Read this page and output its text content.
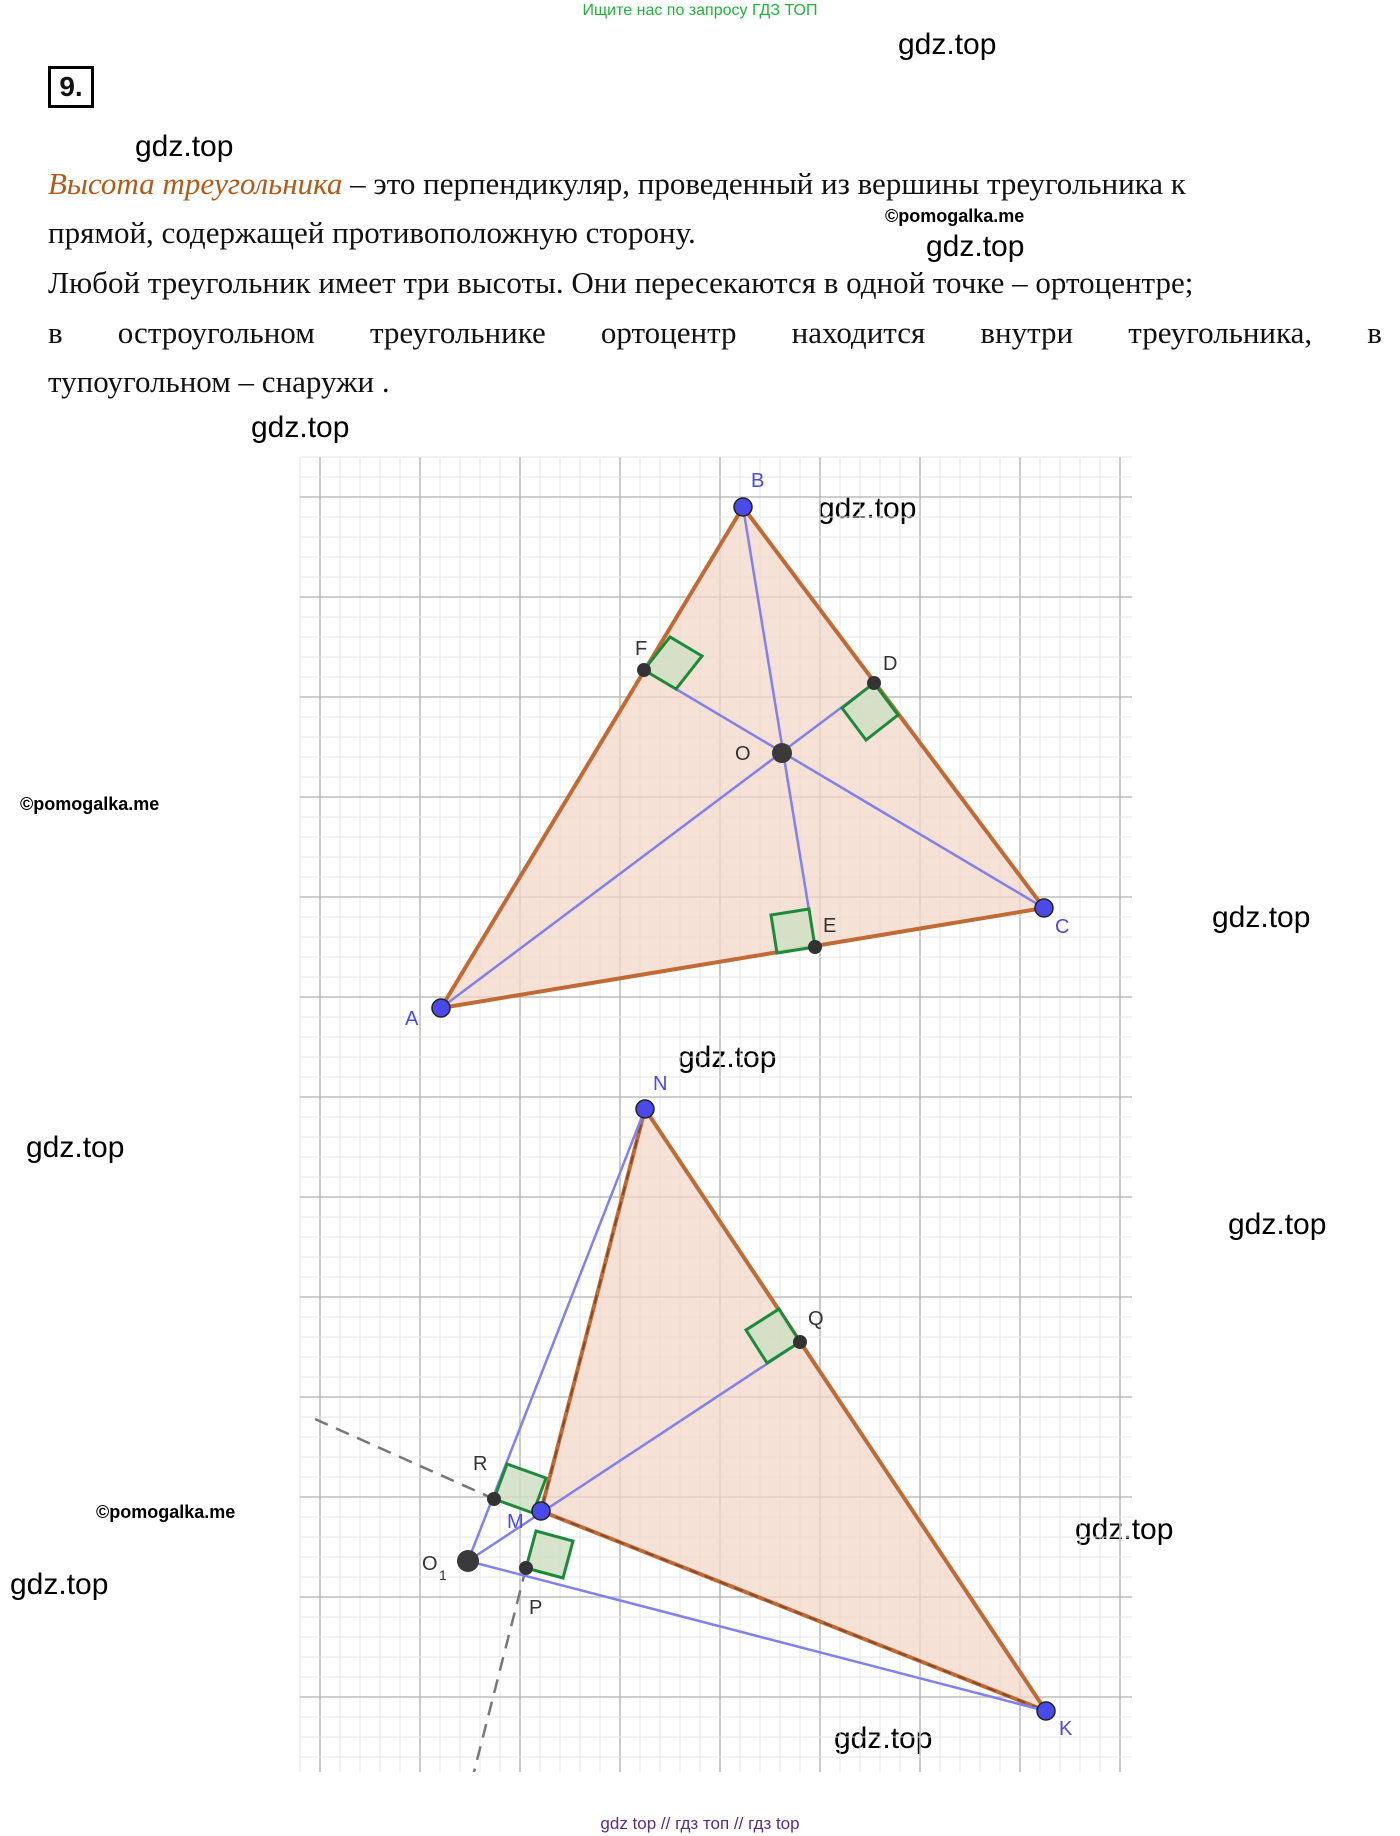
Ищите нас по запросу ГДЗ ТОП
9.
gdz.top
gdz.top
gdz.top
gdz.top
gdz.top
gdz.top
gdz.top
gdz.top
gdz.top
gdz.top
gdz.top
gdz.top
©pomogalka.me
©pomogalka.me
©pomogalka.me
Высота треугольника – это перпендикуляр, проведенный из вершины треугольника к
прямой, содержащей противоположную сторону.
Любой треугольник имеет три высоты. Они пересекаются в одной точке – ортоцентре;
в остроугольном треугольнике ортоцентр находится внутри треугольника, в
тупоугольном – снаружи .
A
B
C
D
E
F
O
N
M
K
Q
R
P
O 1
gdz top // гдз топ // гдз top
